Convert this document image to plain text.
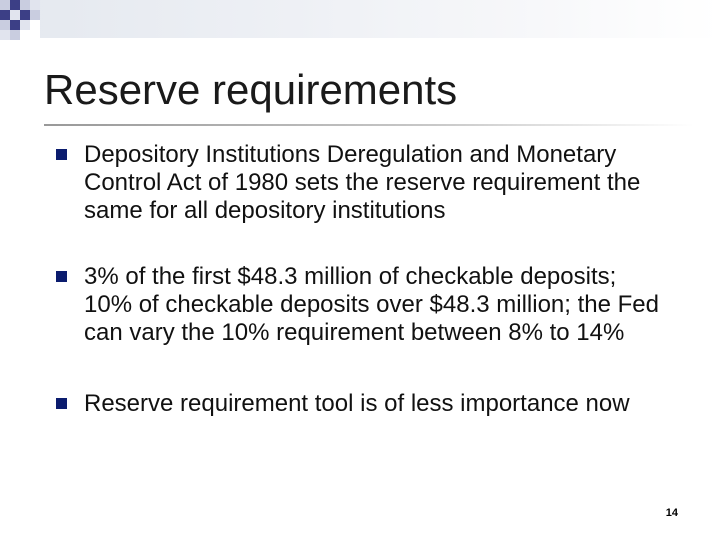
Reserve requirements
Depository Institutions Deregulation and Monetary Control Act of 1980 sets the reserve requirement the same for all depository institutions
3% of the first $48.3 million of checkable deposits; 10% of checkable deposits over $48.3 million; the Fed can vary the 10% requirement between 8% to 14%
Reserve requirement tool is of less importance now
14
